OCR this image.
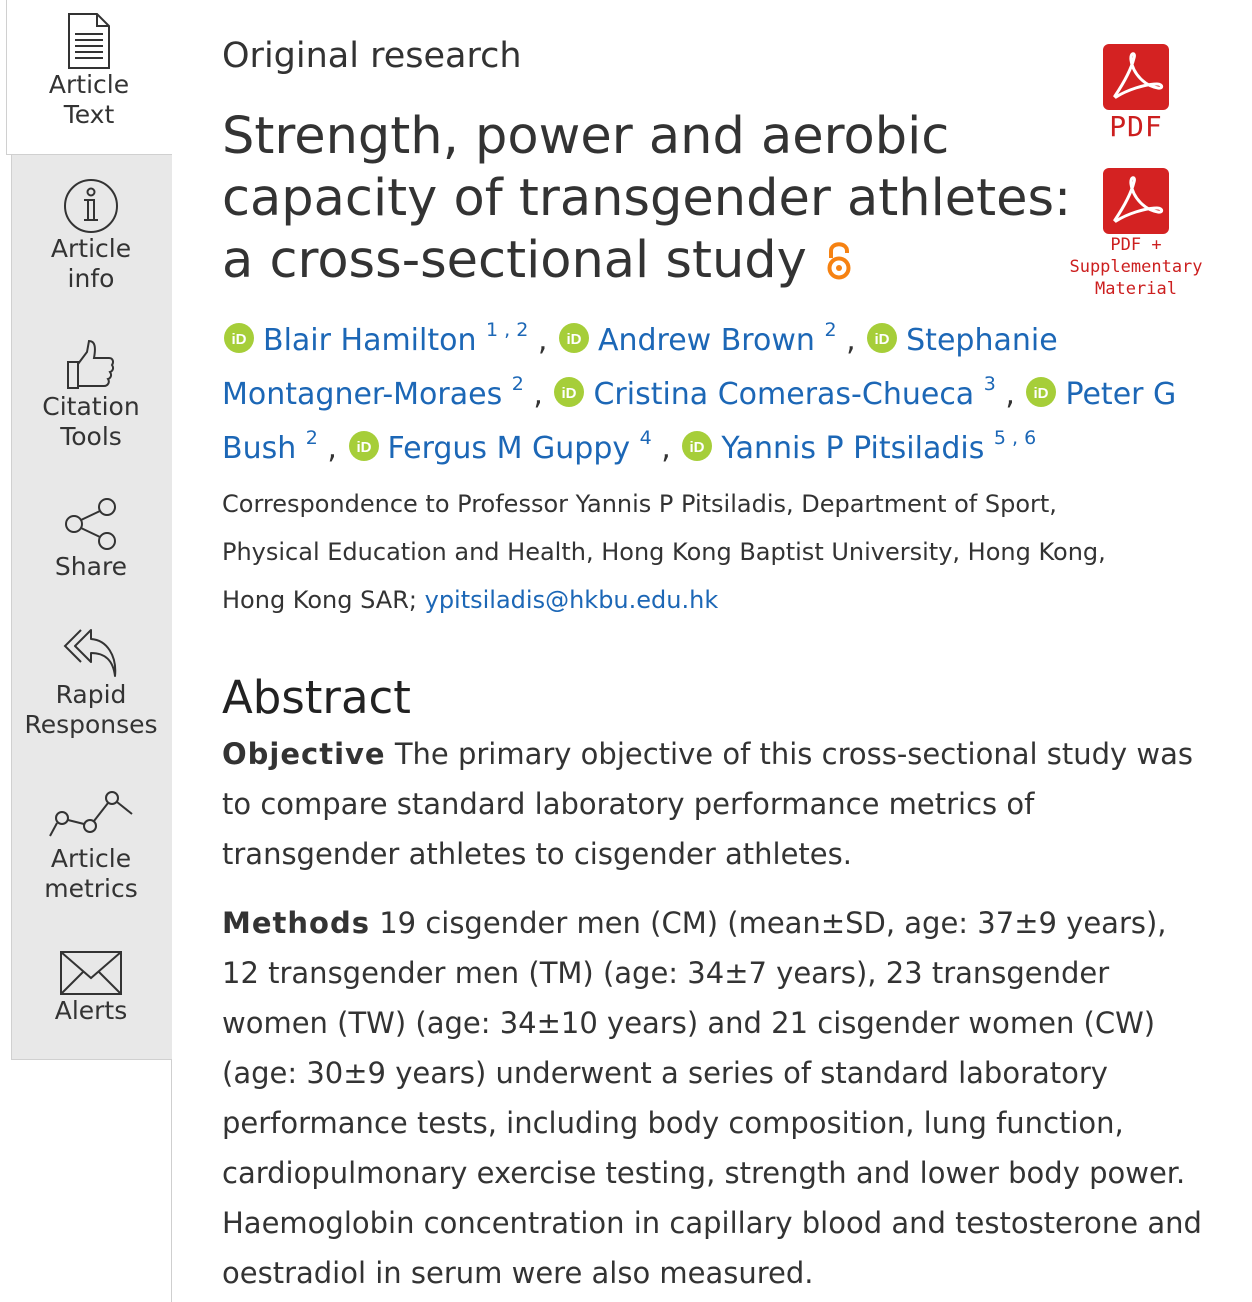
Article
Text
Article
info
Citation
Tools
Share
Rapid
Responses
Article
metrics
Alerts
Original research
Strength, power and aerobic capacity of transgender athletes: a cross-sectional study
PDF
PDF +
Supplementary
Material
iD Blair Hamilton $^{1 , 2}$ , iD Andrew Brown $^2$ , iD Stephanie Montagner-Moraes $^2$ , iD Cristina Comeras-Chueca $^3$ , iD Peter G Bush $^2$ , iD Fergus M Guppy $^4$ , iD Yannis P Pitsiladis $^{5 , 6}$
Correspondence to Professor Yannis P Pitsiladis, Department of Sport, Physical Education and Health, Hong Kong Baptist University, Hong Kong, Hong Kong SAR; ypitsiladis@hkbu.edu.hk
Abstract

Objective The primary objective of this cross-sectional study was to compare standard laboratory performance metrics of transgender athletes to cisgender athletes.

Methods 19 cisgender men (CM) (mean±SD, age: 37±9 years), 12 transgender men (TM) (age: 34±7 years), 23 transgender women (TW) (age: 34±10 years) and 21 cisgender women (CW) (age: 30±9 years) underwent a series of standard laboratory performance tests, including body composition, lung function, cardiopulmonary exercise testing, strength and lower body power. Haemoglobin concentration in capillary blood and testosterone and oestradiol in serum were also measured.
